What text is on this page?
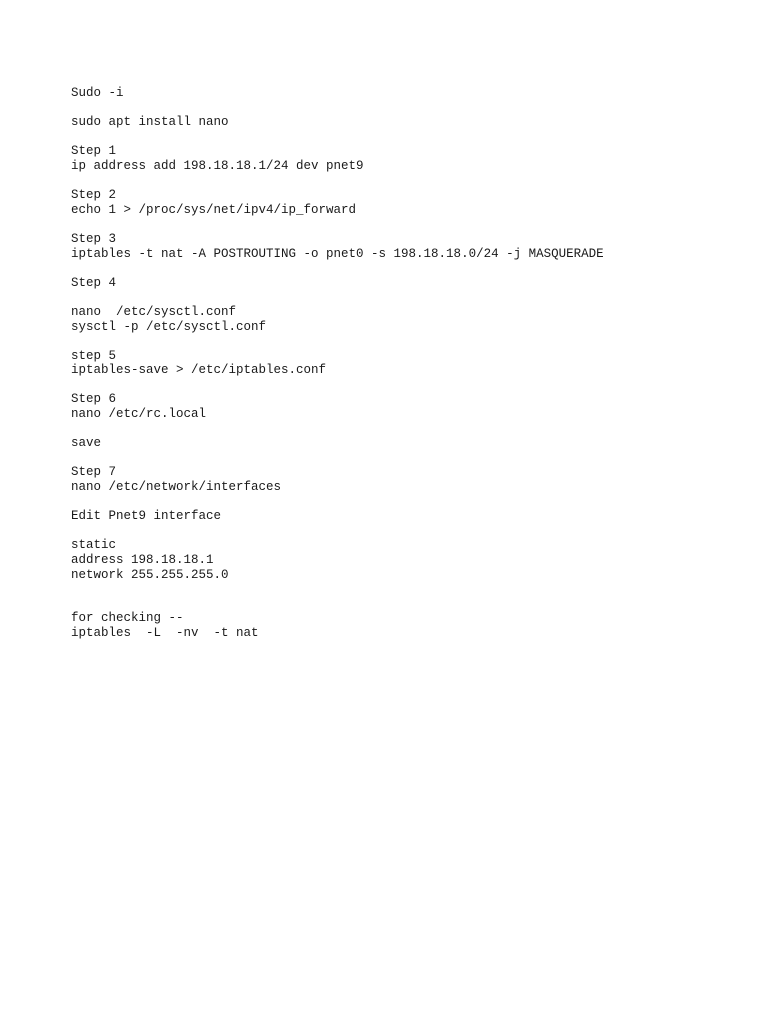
Sudo -i
sudo apt install nano
Step 1
ip address add 198.18.18.1/24 dev pnet9
Step 2
echo 1 > /proc/sys/net/ipv4/ip_forward
Step 3
iptables -t nat -A POSTROUTING -o pnet0 -s 198.18.18.0/24 -j MASQUERADE
Step 4
nano  /etc/sysctl.conf
sysctl -p /etc/sysctl.conf
step 5
iptables-save > /etc/iptables.conf
Step 6
nano /etc/rc.local
save
Step 7
nano /etc/network/interfaces
Edit Pnet9 interface
static
address 198.18.18.1
network 255.255.255.0
for checking --
iptables  -L  -nv  -t nat
